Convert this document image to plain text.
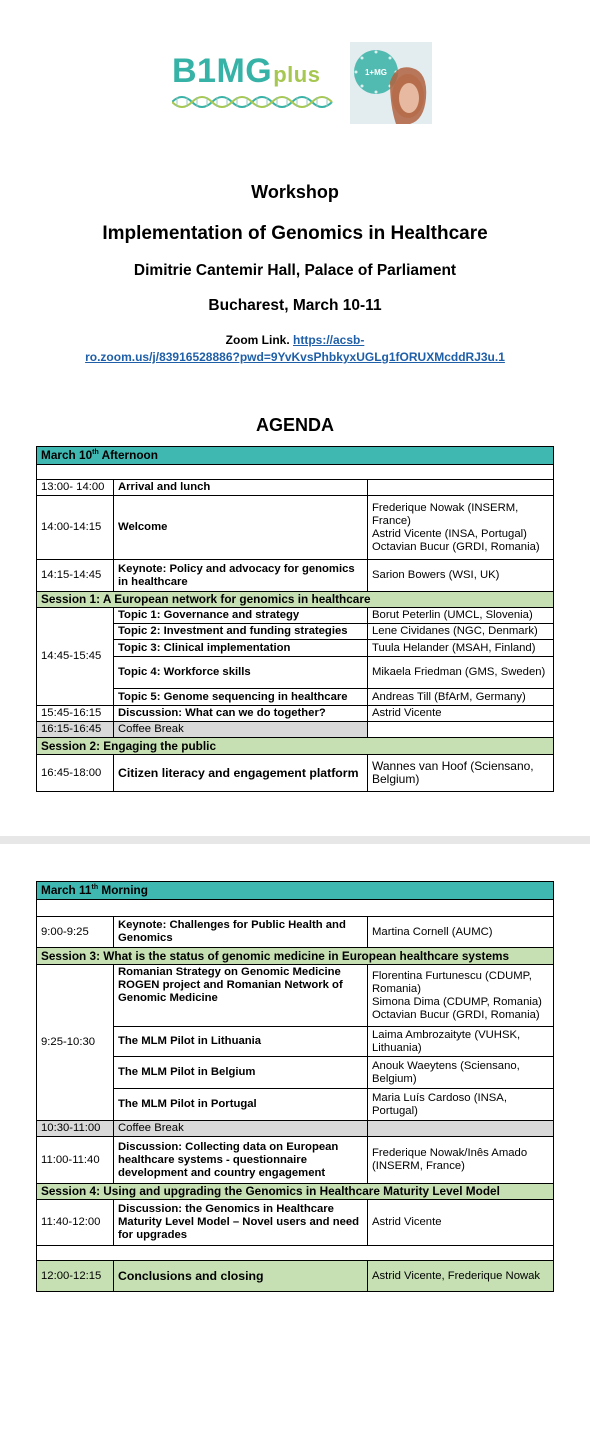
B1MGplus	1+MG
Workshop
Implementation of Genomics in Healthcare
Dimitrie Cantemir Hall, Palace of Parliament
Bucharest, March 10-11
Zoom Link. https://acsb-
ro.zoom.us/j/83916528886?pwd=9YvKvsPhbkyxUGLg1fORUXMcddRJ3u.1
AGENDA
March 10th Afternoon		

13:00- 14:00	Arrival and lunch	
14:00-14:15	Welcome	Frederique Nowak (INSERM, France)
Astrid Vicente (INSA, Portugal)
Octavian Bucur (GRDI, Romania)

14:15-14:45	Keynote: Policy and advocacy for genomics in healthcare	Sarion Bowers (WSI, UK)
Session 1: A European network for genomics in healthcare		
14:45-15:45	Topic 1: Governance and strategy	Borut Peterlin (UMCL, Slovenia)
	Topic 2: Investment and funding strategies	Lene Cividanes (NGC, Denmark)
	Topic 3: Clinical implementation	Tuula Helander (MSAH, Finland)
	Topic 4: Workforce skills	Mikaela Friedman (GMS, Sweden)
	Topic 5: Genome sequencing in healthcare	Andreas Till (BfArM, Germany)
15:45-16:15	Discussion: What can we do together?	Astrid Vicente
16:15-16:45	Coffee Break	
Session 2: Engaging the public		
16:45-18:00	Citizen literacy and engagement platform	Wannes van Hoof (Sciensano, Belgium)
March 11th Morning		

9:00-9:25	Keynote: Challenges for Public Health and Genomics	Martina Cornell (AUMC)
Session 3: What is the status of genomic medicine in European healthcare systems		
9:25-10:30	Romanian Strategy on Genomic Medicine ROGEN project and Romanian Network of Genomic Medicine	Florentina Furtunescu (CDUMP, Romania)
Simona Dima (CDUMP, Romania)
Octavian Bucur (GRDI, Romania)

	The MLM Pilot in Lithuania	Laima Ambrozaityte (VUHSK, Lithuania)
	The MLM Pilot in Belgium	Anouk Waeytens (Sciensano, Belgium)
	The MLM Pilot in Portugal	Maria Luís Cardoso (INSA, Portugal)
10:30-11:00	Coffee Break	
11:00-11:40	Discussion: Collecting data on European healthcare systems - questionnaire development and country engagement	Frederique Nowak/Inês Amado (INSERM, France)
Session 4: Using and upgrading the Genomics in Healthcare Maturity Level Model		
11:40-12:00	Discussion: the Genomics in Healthcare Maturity Level Model – Novel users and need for upgrades	Astrid Vicente

12:00-12:15	Conclusions and closing	Astrid Vicente, Frederique Nowak
